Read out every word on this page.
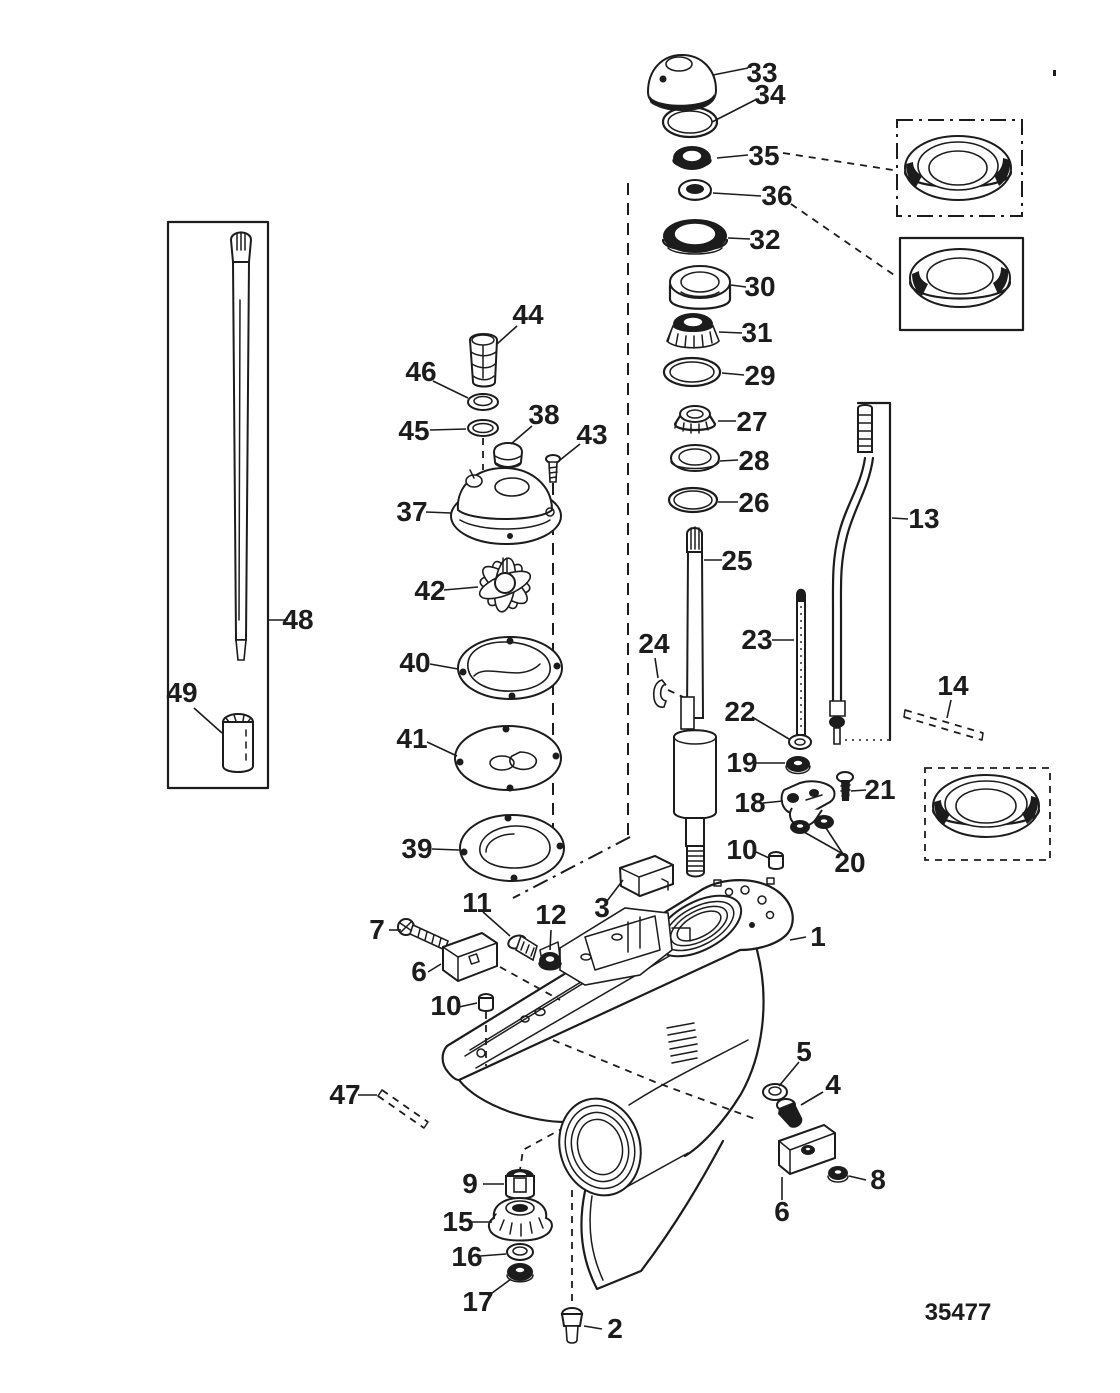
33
34
35
36
32
30
31
29
27
28
26
25
13
14
44
46
45
38
43
37
42
40
41
39
48
49
24	23
22
19
18	21
20
10
7
11 12 3
6
10
1
47
9
15
16
17
2
5
4
6
8
35477
